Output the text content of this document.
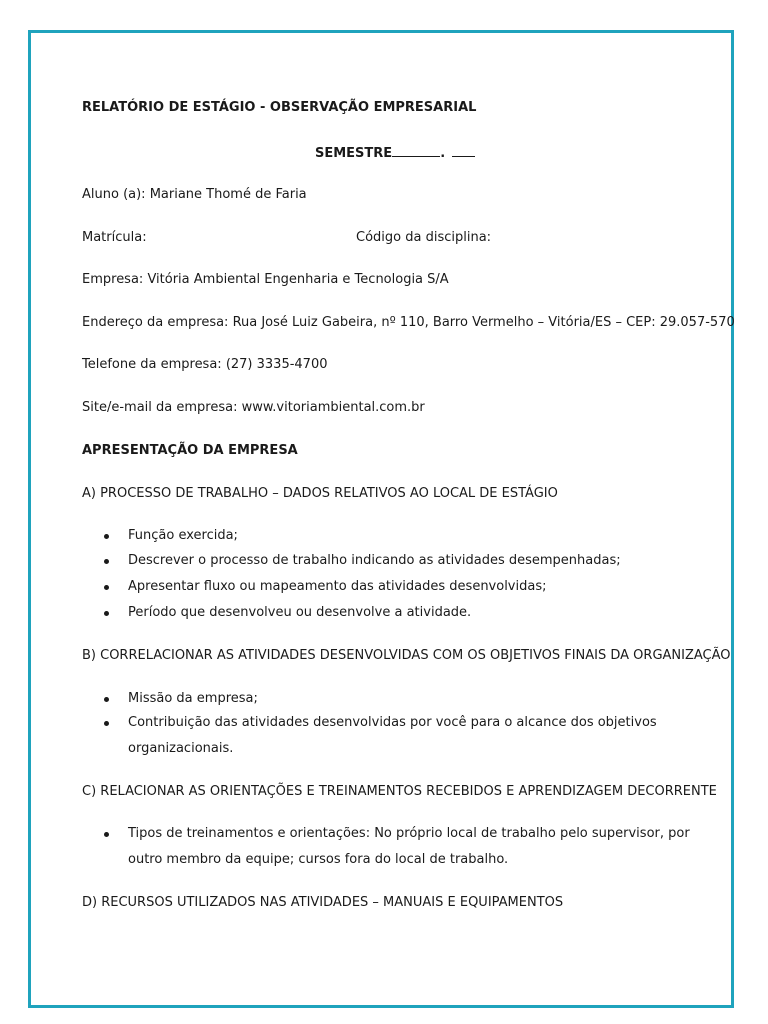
RELATÓRIO DE ESTÁGIO - OBSERVAÇÃO EMPRESARIAL
SEMESTRE	.
Aluno (a): Mariane Thomé de Faria
Matrícula:	Código da disciplina:
Empresa: Vitória Ambiental Engenharia e Tecnologia S/A
Endereço da empresa: Rua José Luiz Gabeira, nº 110, Barro Vermelho – Vitória/ES – CEP: 29.057-570
Telefone da empresa: (27) 3335-4700
Site/e-mail da empresa: www.vitoriambiental.com.br
APRESENTAÇÃO DA EMPRESA
A) PROCESSO DE TRABALHO – DADOS RELATIVOS AO LOCAL DE ESTÁGIO
Função exercida;
Descrever o processo de trabalho indicando as atividades desempenhadas;
Apresentar fluxo ou mapeamento das atividades desenvolvidas;
Período que desenvolveu ou desenvolve a atividade.
B) CORRELACIONAR AS ATIVIDADES DESENVOLVIDAS COM OS OBJETIVOS FINAIS DA ORGANIZAÇÃO
Missão da empresa;
Contribuição das atividades desenvolvidas por você para o alcance dos objetivos
organizacionais.
C) RELACIONAR AS ORIENTAÇÕES E TREINAMENTOS RECEBIDOS E APRENDIZAGEM DECORRENTE
Tipos de treinamentos e orientações: No próprio local de trabalho pelo supervisor, por
outro membro da equipe; cursos fora do local de trabalho.
D) RECURSOS UTILIZADOS NAS ATIVIDADES – MANUAIS E EQUIPAMENTOS
